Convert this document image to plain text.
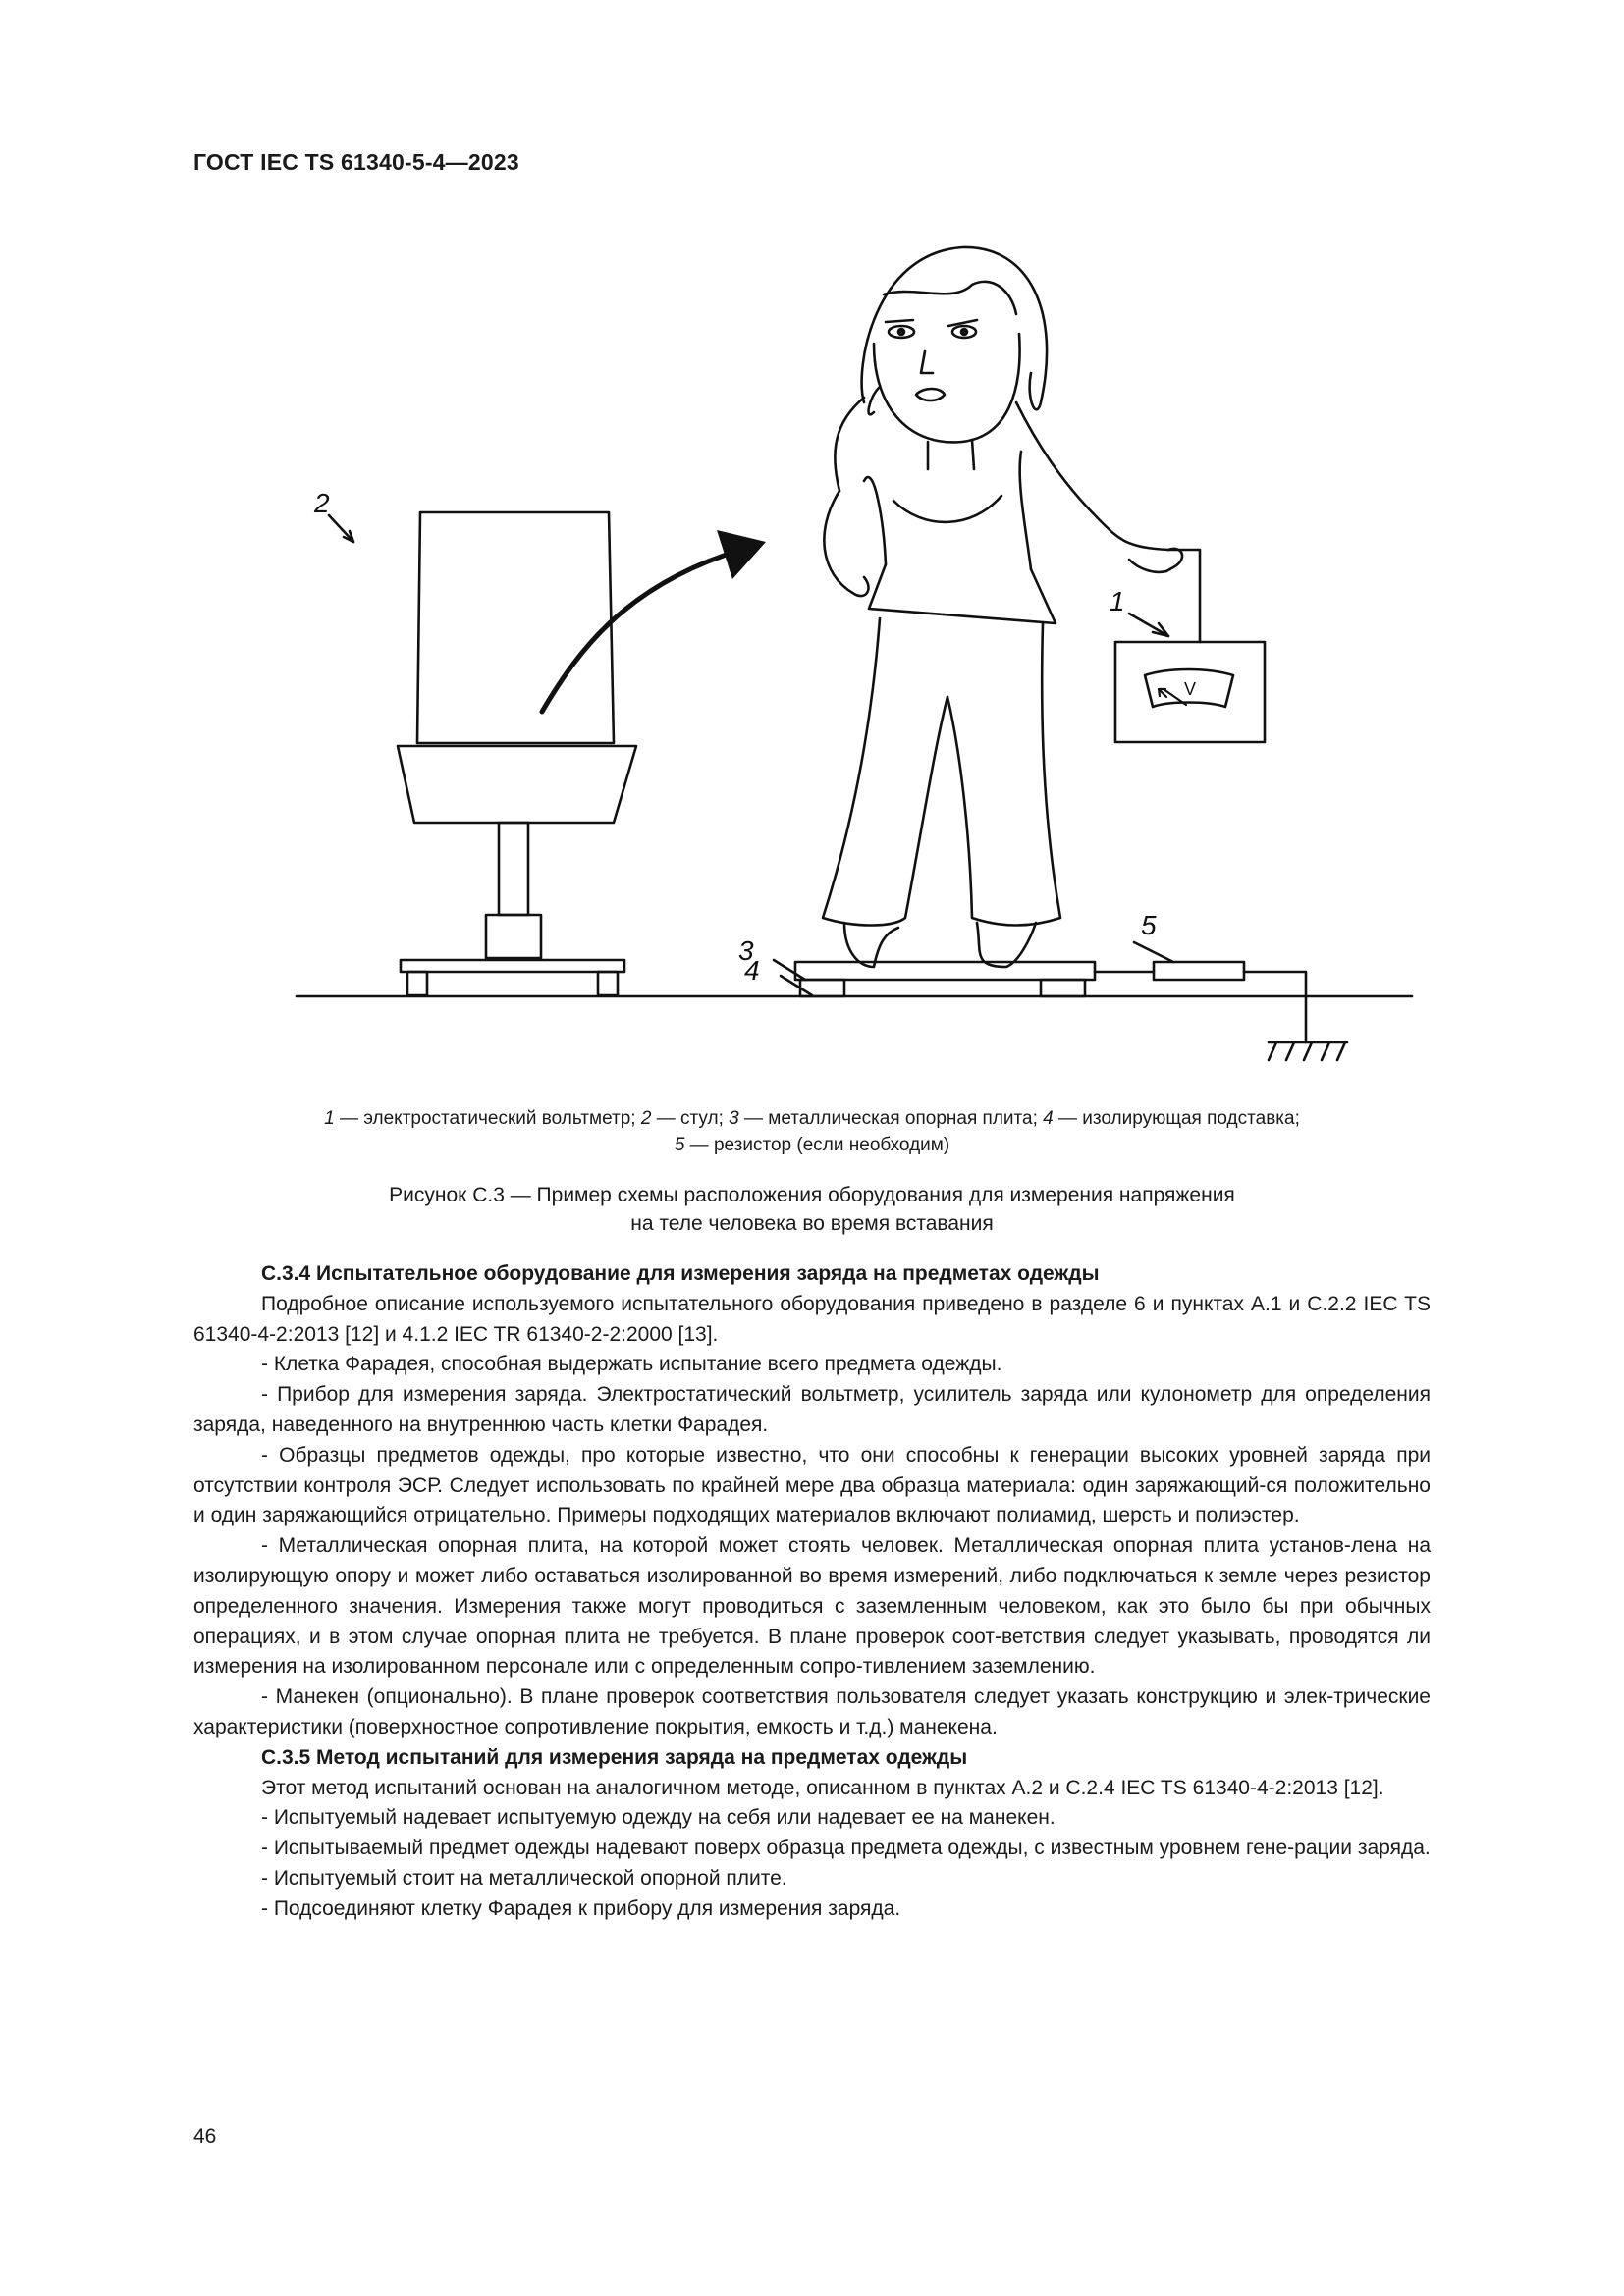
ГОСТ IEC TS 61340-5-4—2023
2
1
3
4
5
V
1 — электростатический вольтметр; 2 — стул; 3 — металлическая опорная плита; 4 — изолирующая подставка;
5 — резистор (если необходим)
Рисунок С.3 — Пример схемы расположения оборудования для измерения напряжения
на теле человека во время вставания

С.3.4 Испытательное оборудование для измерения заряда на предметах одежды

Подробное описание используемого испытательного оборудования приведено в разделе 6 и пунктах А.1 и С.2.2 IEC TS 61340-4-2:2013 [12] и 4.1.2 IEC TR 61340-2-2:2000 [13].

- Клетка Фарадея, способная выдержать испытание всего предмета одежды.

- Прибор для измерения заряда. Электростатический вольтметр, усилитель заряда или кулонометр для определения заряда, наведенного на внутреннюю часть клетки Фарадея.

- Образцы предметов одежды, про которые известно, что они способны к генерации высоких уровней заряда при отсутствии контроля ЭСР. Следует использовать по крайней мере два образца материала: один заряжающий-ся положительно и один заряжающийся отрицательно. Примеры подходящих материалов включают полиамид, шерсть и полиэстер.

- Металлическая опорная плита, на которой может стоять человек. Металлическая опорная плита установ-лена на изолирующую опору и может либо оставаться изолированной во время измерений, либо подключаться к земле через резистор определенного значения. Измерения также могут проводиться с заземленным человеком, как это было бы при обычных операциях, и в этом случае опорная плита не требуется. В плане проверок соот-ветствия следует указывать, проводятся ли измерения на изолированном персонале или с определенным сопро-тивлением заземлению.

- Манекен (опционально). В плане проверок соответствия пользователя следует указать конструкцию и элек-трические характеристики (поверхностное сопротивление покрытия, емкость и т.д.) манекена.

С.3.5 Метод испытаний для измерения заряда на предметах одежды

Этот метод испытаний основан на аналогичном методе, описанном в пунктах А.2 и С.2.4 IEC TS 61340-4-2:2013 [12].

- Испытуемый надевает испытуемую одежду на себя или надевает ее на манекен.

- Испытываемый предмет одежды надевают поверх образца предмета одежды, с известным уровнем гене-рации заряда.

- Испытуемый стоит на металлической опорной плите.

- Подсоединяют клетку Фарадея к прибору для измерения заряда.

46
